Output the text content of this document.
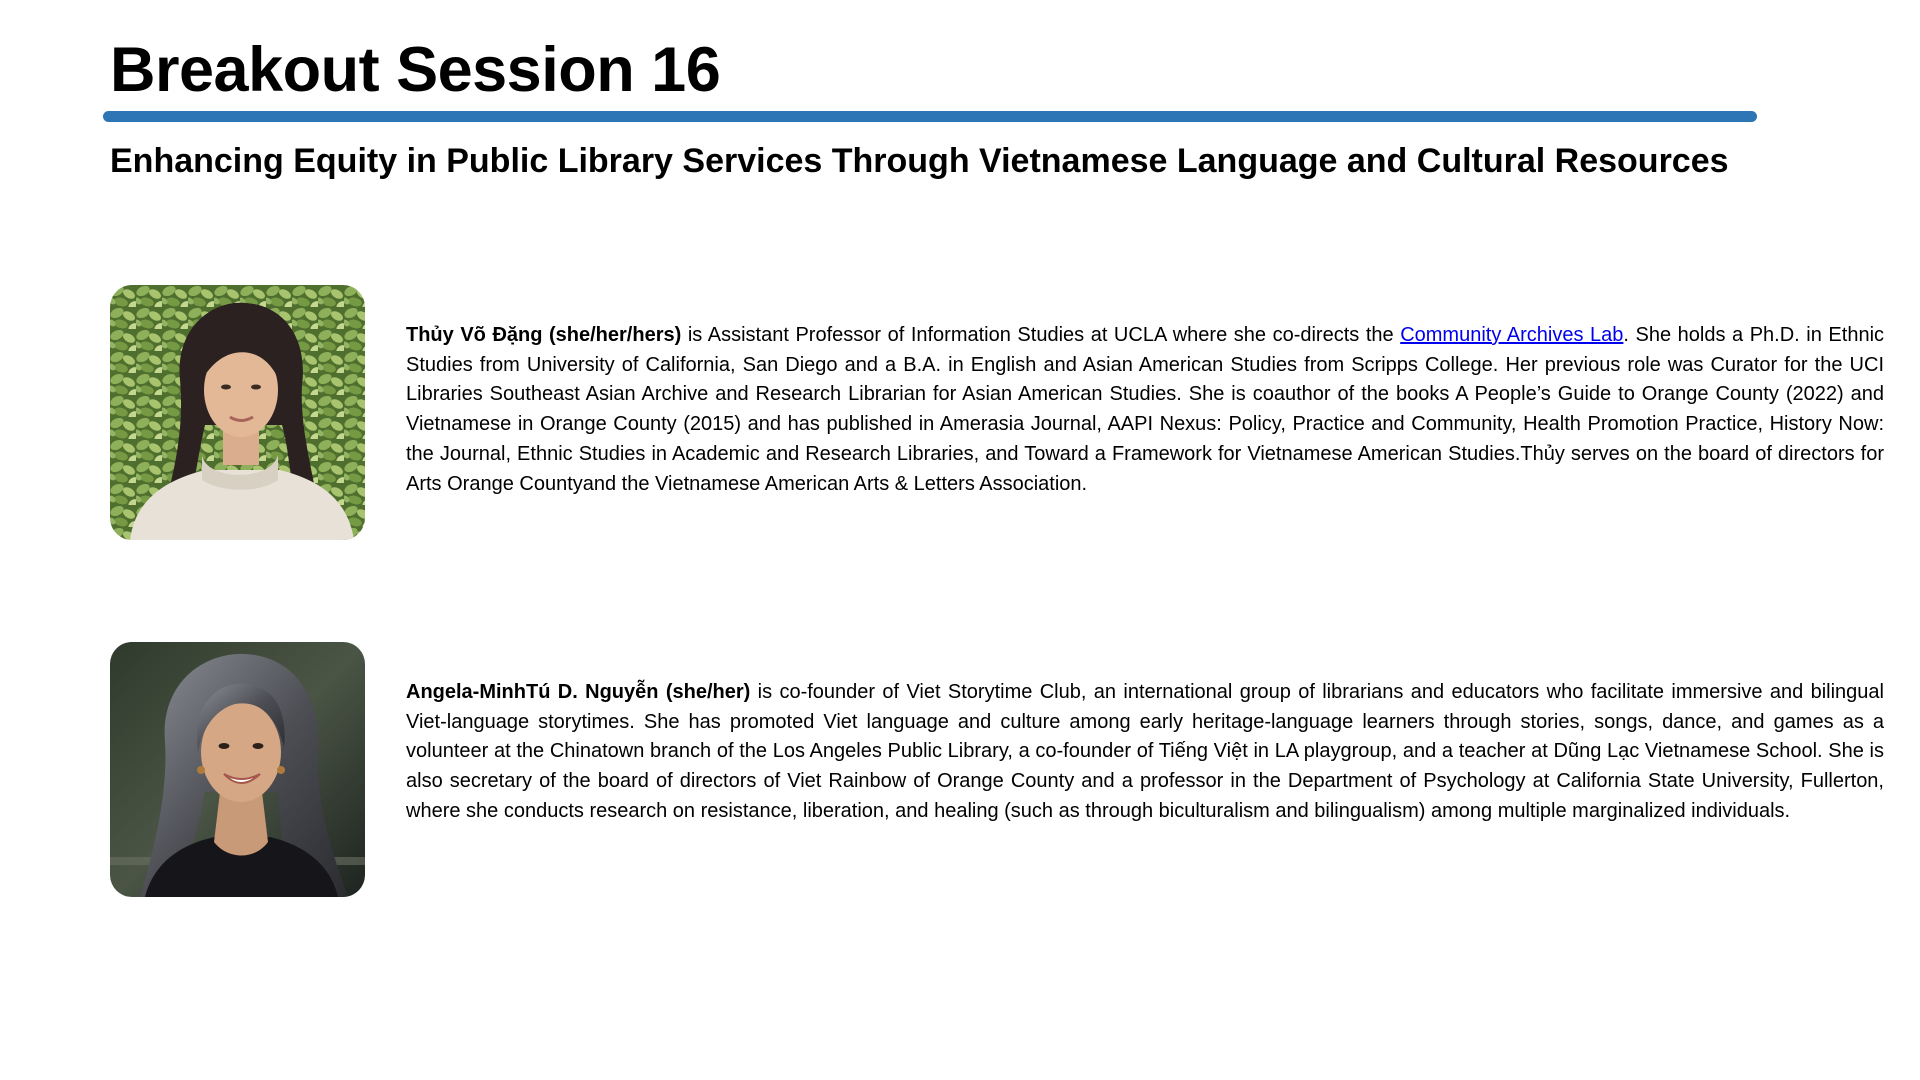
Breakout Session 16
Enhancing Equity in Public Library Services Through Vietnamese Language and Cultural Resources

Thủy Võ Đặng (she/her/hers) is Assistant Professor of Information Studies at UCLA where she co-directs the Community Archives Lab. She holds a Ph.D. in Ethnic Studies from University of California, San Diego and a B.A. in English and Asian American Studies from Scripps College. Her previous role was Curator for the UCI Libraries Southeast Asian Archive and Research Librarian for Asian American Studies. She is coauthor of the books A People’s Guide to Orange County (2022) and Vietnamese in Orange County (2015) and has published in Amerasia Journal, AAPI Nexus: Policy, Practice and Community, Health Promotion Practice, History Now: the Journal, Ethnic Studies in Academic and Research Libraries, and Toward a Framework for Vietnamese American Studies.Thủy serves on the board of directors for Arts Orange Countyand the Vietnamese American Arts & Letters Association.

Angela-MinhTú D. Nguyễn (she/her) is co-founder of Viet Storytime Club, an international group of librarians and educators who facilitate immersive and bilingual Viet-language storytimes. She has promoted Viet language and culture among early heritage-language learners through stories, songs, dance, and games as a volunteer at the Chinatown branch of the Los Angeles Public Library, a co-founder of Tiếng Việt in LA playgroup, and a teacher at Dũng Lạc Vietnamese School. She is also secretary of the board of directors of Viet Rainbow of Orange County and a professor in the Department of Psychology at California State University, Fullerton, where she conducts research on resistance, liberation, and healing (such as through biculturalism and bilingualism) among multiple marginalized individuals.
